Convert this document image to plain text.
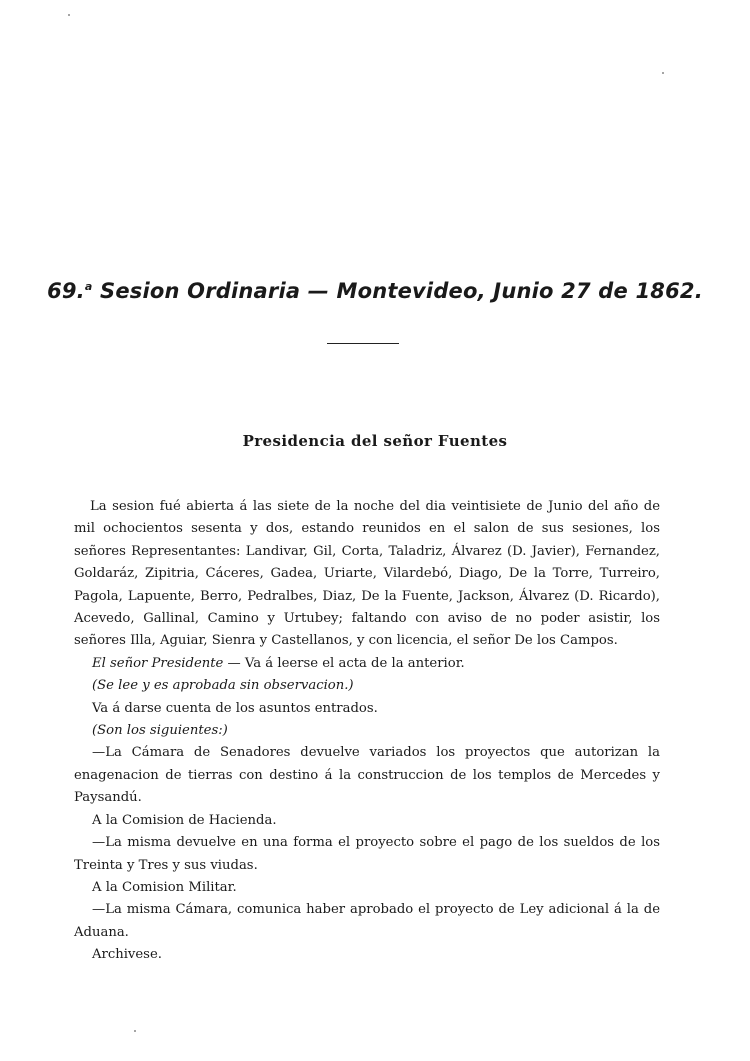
69.$^a$ Sesion Ordinaria — Montevideo, Junio 27 de 1862.
Presidencia del señor Fuentes

La sesion fué abierta á las siete de la noche del dia veintisiete de Junio del año de mil ochocientos sesenta y dos, estando reunidos en el salon de sus sesiones, los señores Representantes: Landivar, Gil, Corta, Taladriz, Álvarez (D. Javier), Fernandez, Goldaráz, Zipitria, Cáceres, Gadea, Uriarte, Vilardebó, Diago, De la Torre, Turreiro, Pagola, Lapuente, Berro, Pedralbes, Diaz, De la Fuente, Jackson, Álvarez (D. Ricardo), Acevedo, Gallinal, Camino y Urtubey; faltando con aviso de no poder asistir, los señores Illa, Aguiar, Sienra y Castellanos, y con licencia, el señor De los Campos.

El señor Presidente — Va á leerse el acta de la anterior.

(Se lee y es aprobada sin observacion.)

Va á darse cuenta de los asuntos entrados.

(Son los siguientes:)

—La Cámara de Senadores devuelve variados los proyectos que autorizan la enagenacion de tierras con destino á la construccion de los templos de Mercedes y Paysandú.

A la Comision de Hacienda.

—La misma devuelve en una forma el proyecto sobre el pago de los sueldos de los Treinta y Tres y sus viudas.

A la Comision Militar.

—La misma Cámara, comunica haber aprobado el proyecto de Ley adicional á la de Aduana.

Archivese.
